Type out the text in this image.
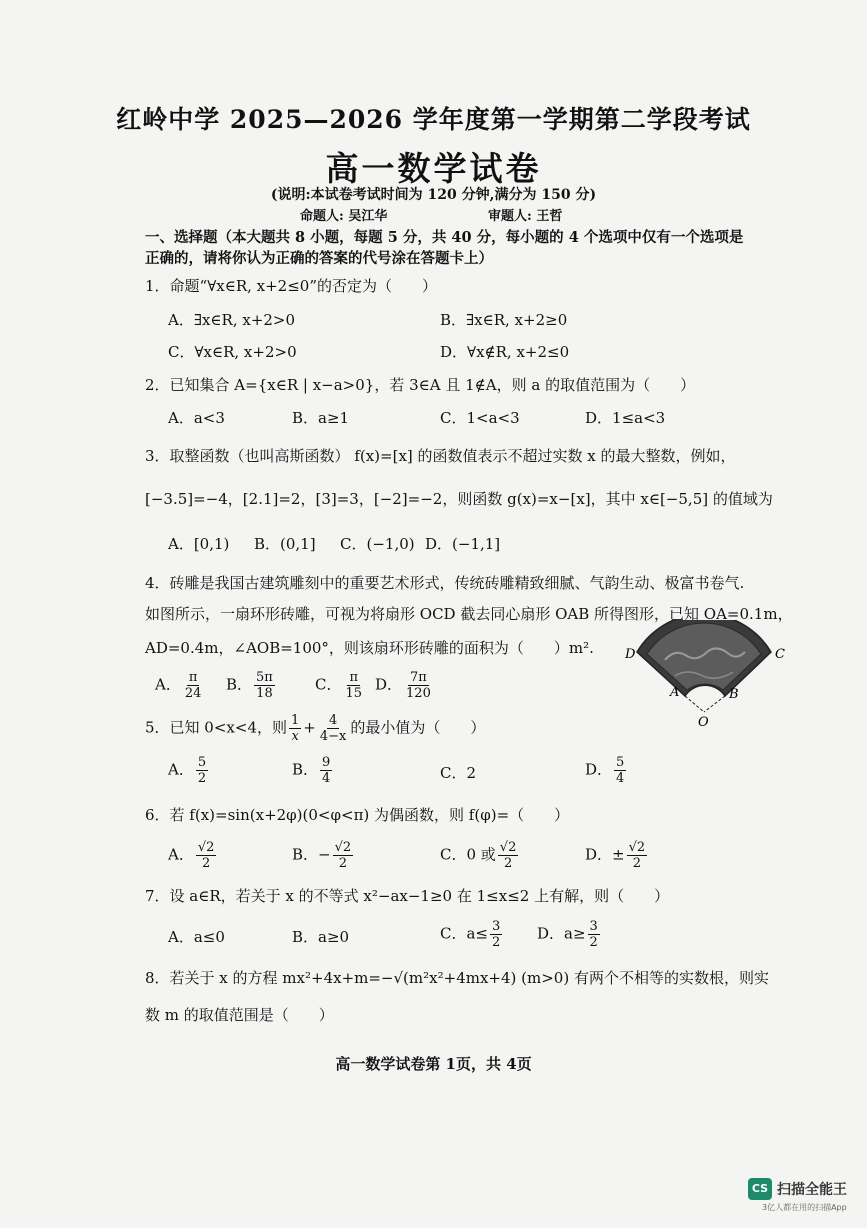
红岭中学 2025—2026 学年度第一学期第二学段考试
高一数学试卷
(说明:本试卷考试时间为 120 分钟,满分为 150 分)
命题人: 吴江华	审题人: 王哲
一、选择题（本大题共 8 小题，每题 5 分，共 40 分，每小题的 4 个选项中仅有一个选项是正确的，请将你认为正确的答案的代号涂在答题卡上）
1．命题“∀x∈R, x+2≤0”的否定为（　　）
A．∃x∈R, x+2>0	B．∃x∈R, x+2≥0
C．∀x∈R, x+2>0	D．∀x∉R, x+2≤0
2．已知集合 A={x∈R | x−a>0}，若 3∈A 且 1∉A，则 a 的取值范围为（　　）
A．a<3	B．a≥1	C．1<a<3	D．1≤a<3
3．取整函数（也叫高斯函数） f(x)=[x] 的函数值表示不超过实数 x 的最大整数，例如，
[−3.5]=−4，[2.1]=2，[3]=3，[−2]=−2，则函数 g(x)=x−[x]，其中 x∈[−5,5] 的值域为
A．[0,1) B．(0,1] C．(−1,0) D．(−1,1]
4．砖雕是我国古建筑雕刻中的重要艺术形式，传统砖雕精致细腻、气韵生动、极富书卷气.
如图所示，一扇环形砖雕，可视为将扇形 OCD 截去同心扇形 OAB 所得图形，已知 OA=0.1m，
AD=0.4m，∠AOB=100°，则该扇环形砖雕的面积为（　　）m².
A． $\frac{\pi}{24}$ B． $\frac{5\pi}{18}$	C． $\frac{\pi}{15}$ D． $\frac{7\pi}{120}$
D	C
A	B
O
5．已知 0<x<4，则 $\frac{1}{x} + \frac{4}{4-x}$ 的最小值为（　　）
A． $\frac{5}{2}$	B． $\frac{9}{4}$	C．2	D． $\frac{5}{4}$
6．若 f(x)=sin(x+2φ)(0<φ<π) 为偶函数，则 f(φ)=（　　）
A． $\frac{√2}{2}$	B．− $\frac{√2}{2}$	C．0 或 $\frac{√2}{2}$	D．± $\frac{√2}{2}$
7．设 a∈R，若关于 x 的不等式 x²−ax−1≥0 在 1≤x≤2 上有解，则（　　）
A．a≤0	B．a≥0	C．$a\le \frac{3}{2}$ D．$a\ge \frac{3}{2}$
8．若关于 x 的方程 mx²+4x+m=−√(m²x²+4mx+4) (m>0) 有两个不相等的实数根，则实
数 m 的取值范围是（　　）
高一数学试卷第 1页，共 4页
CS 扫描全能王
3亿人都在用的扫描App
